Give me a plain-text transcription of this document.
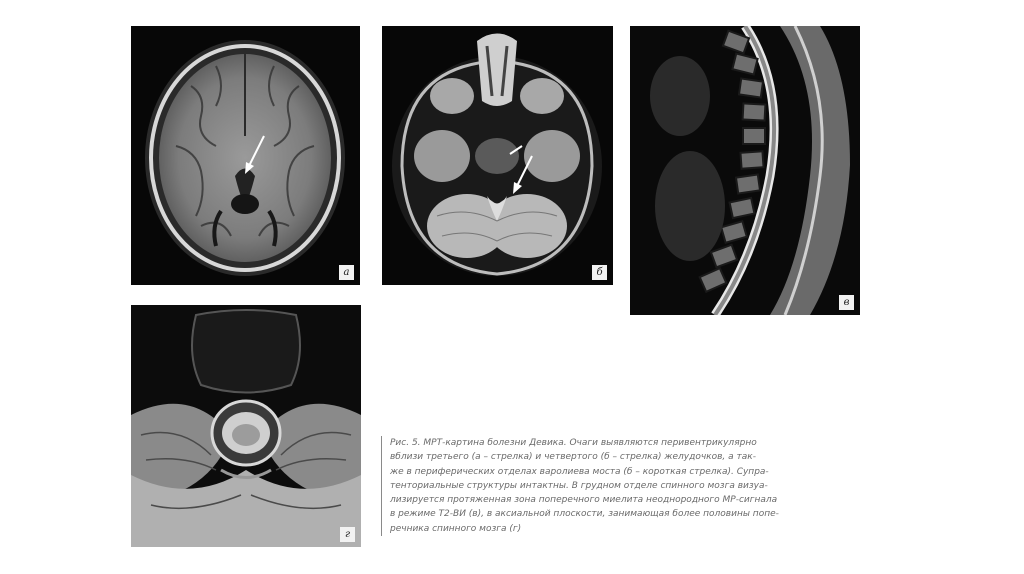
а	б
в
г

Рис. 5. МРТ-картина болезни Девика. Очаги выявляются перивентрикулярно

вблизи третьего (а – стрелка) и четвертого (б – стрелка) желудочков, а так-

же в периферических отделах варолиева моста (б – короткая стрелка). Супра-

тенториальные структуры интактны. В грудном отделе спинного мозга визуа-

лизируется протяженная зона поперечного миелита неоднородного МР-сигнала

в режиме Т2-ВИ (в), в аксиальной плоскости, занимающая более половины попе-

речника спинного мозга (г)
